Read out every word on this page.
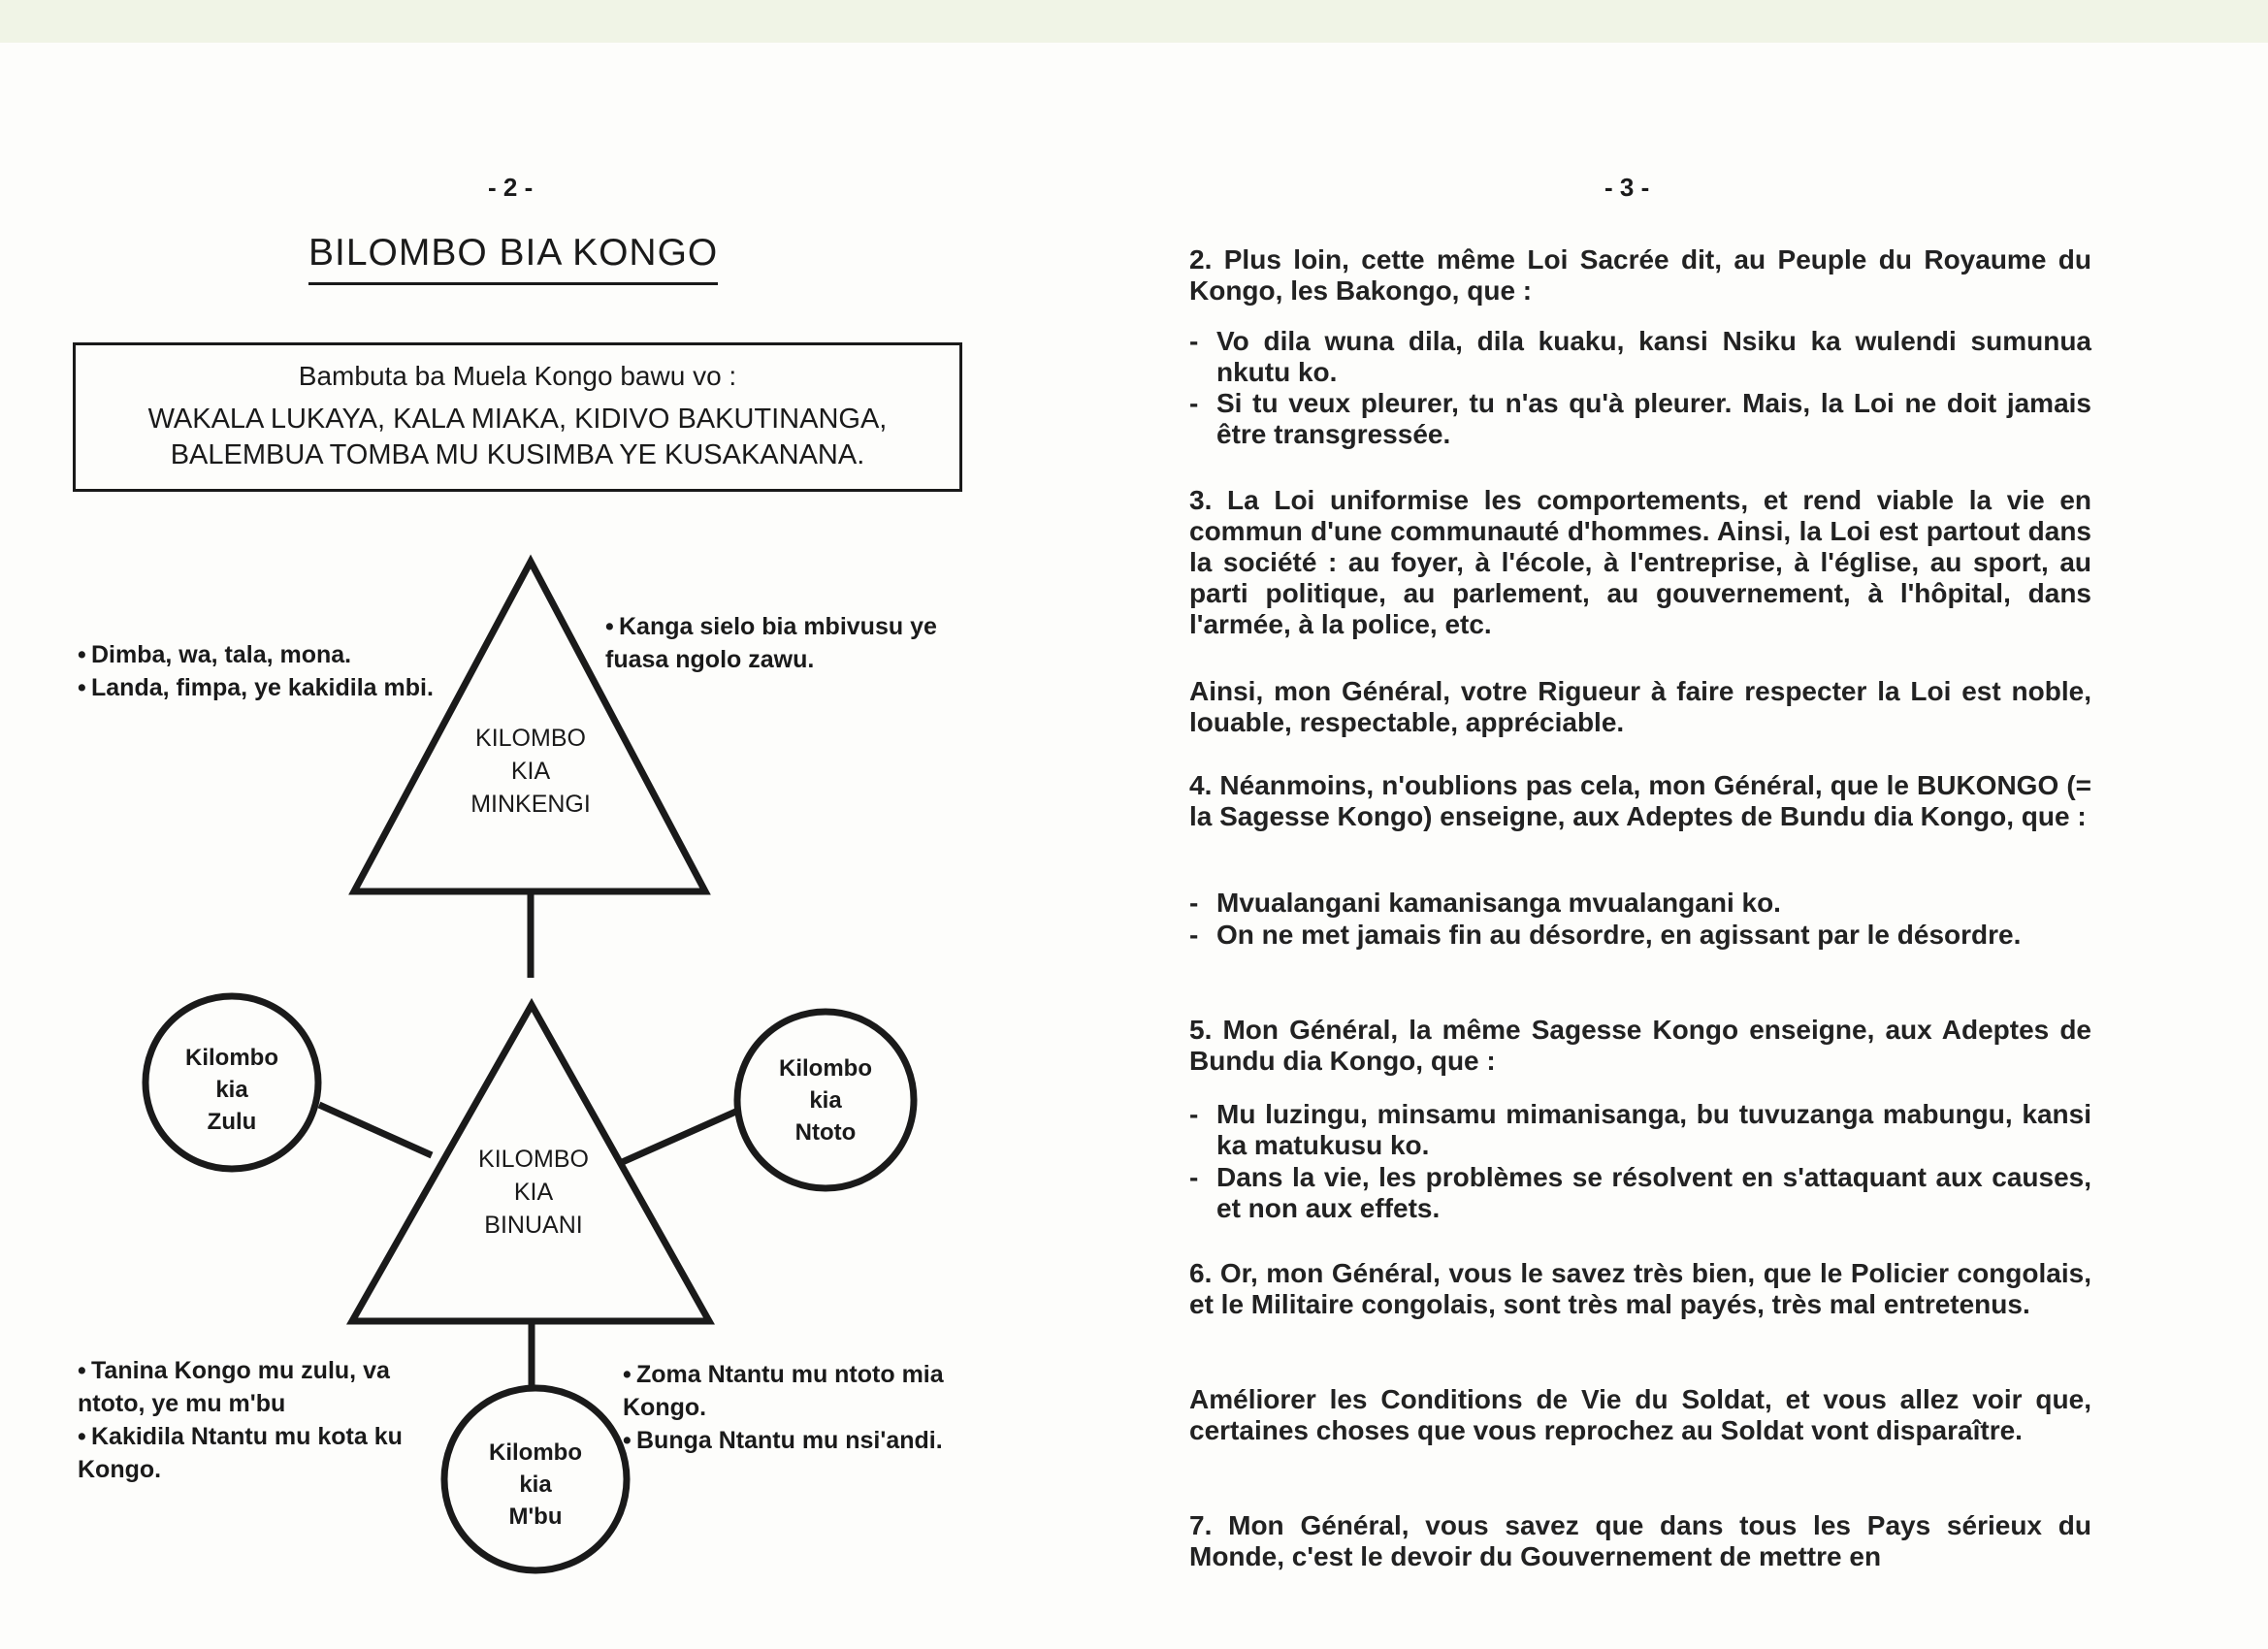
- 2 -
BILOMBO BIA KONGO
Bambuta ba Muela Kongo bawu vo :
WAKALA LUKAYA, KALA MIAKA, KIDIVO BAKUTINANGA, BALEMBUA TOMBA MU KUSIMBA YE KUSAKANANA.
KILOMBO
KIA
MINKENGI
KILOMBO
KIA
BINUANI
Kilombo
kia
Zulu
Kilombo
kia
Ntoto
Kilombo
kia
M'bu
• Dimba, wa, tala, mona.
• Landa, fimpa, ye kakidila mbi.
• Kanga sielo bia mbivusu ye fuasa ngolo zawu.
• Tanina Kongo mu zulu, va ntoto, ye mu m'bu
• Kakidila Ntantu mu kota ku Kongo.
• Zoma Ntantu mu ntoto mia Kongo.
• Bunga Ntantu mu nsi'andi.
- 3 -
2. Plus loin, cette même Loi Sacrée dit, au Peuple du Royaume du Kongo, les Bakongo, que :
- Vo dila wuna dila, dila kuaku, kansi Nsiku ka wulendi sumunua nkutu ko.
- Si tu veux pleurer, tu n'as qu'à pleurer. Mais, la Loi ne doit jamais être transgressée.
3. La Loi uniformise les comportements, et rend viable la vie en commun d'une communauté d'hommes. Ainsi, la Loi est partout dans la société : au foyer, à l'école, à l'entreprise, à l'église, au sport, au parti politique, au parlement, au gouvernement, à l'hôpital, dans l'armée, à la police, etc.
Ainsi, mon Général, votre Rigueur à faire respecter la Loi est noble, louable, respectable, appréciable.
4. Néanmoins, n'oublions pas cela, mon Général, que le BUKONGO (= la Sagesse Kongo) enseigne, aux Adeptes de Bundu dia Kongo, que :
- Mvualangani kamanisanga mvualangani ko.
- On ne met jamais fin au désordre, en agissant par le désordre.
5. Mon Général, la même Sagesse Kongo enseigne, aux Adeptes de Bundu dia Kongo, que :
- Mu luzingu, minsamu mimanisanga, bu tuvuzanga mabungu, kansi ka matukusu ko.
- Dans la vie, les problèmes se résolvent en s'attaquant aux causes, et non aux effets.
6. Or, mon Général, vous le savez très bien, que le Policier congolais, et le Militaire congolais, sont très mal payés, très mal entretenus.
Améliorer les Conditions de Vie du Soldat, et vous allez voir que, certaines choses que vous reprochez au Soldat vont disparaître.
7. Mon Général, vous savez que dans tous les Pays sérieux du Monde, c'est le devoir du Gouvernement de mettre en
